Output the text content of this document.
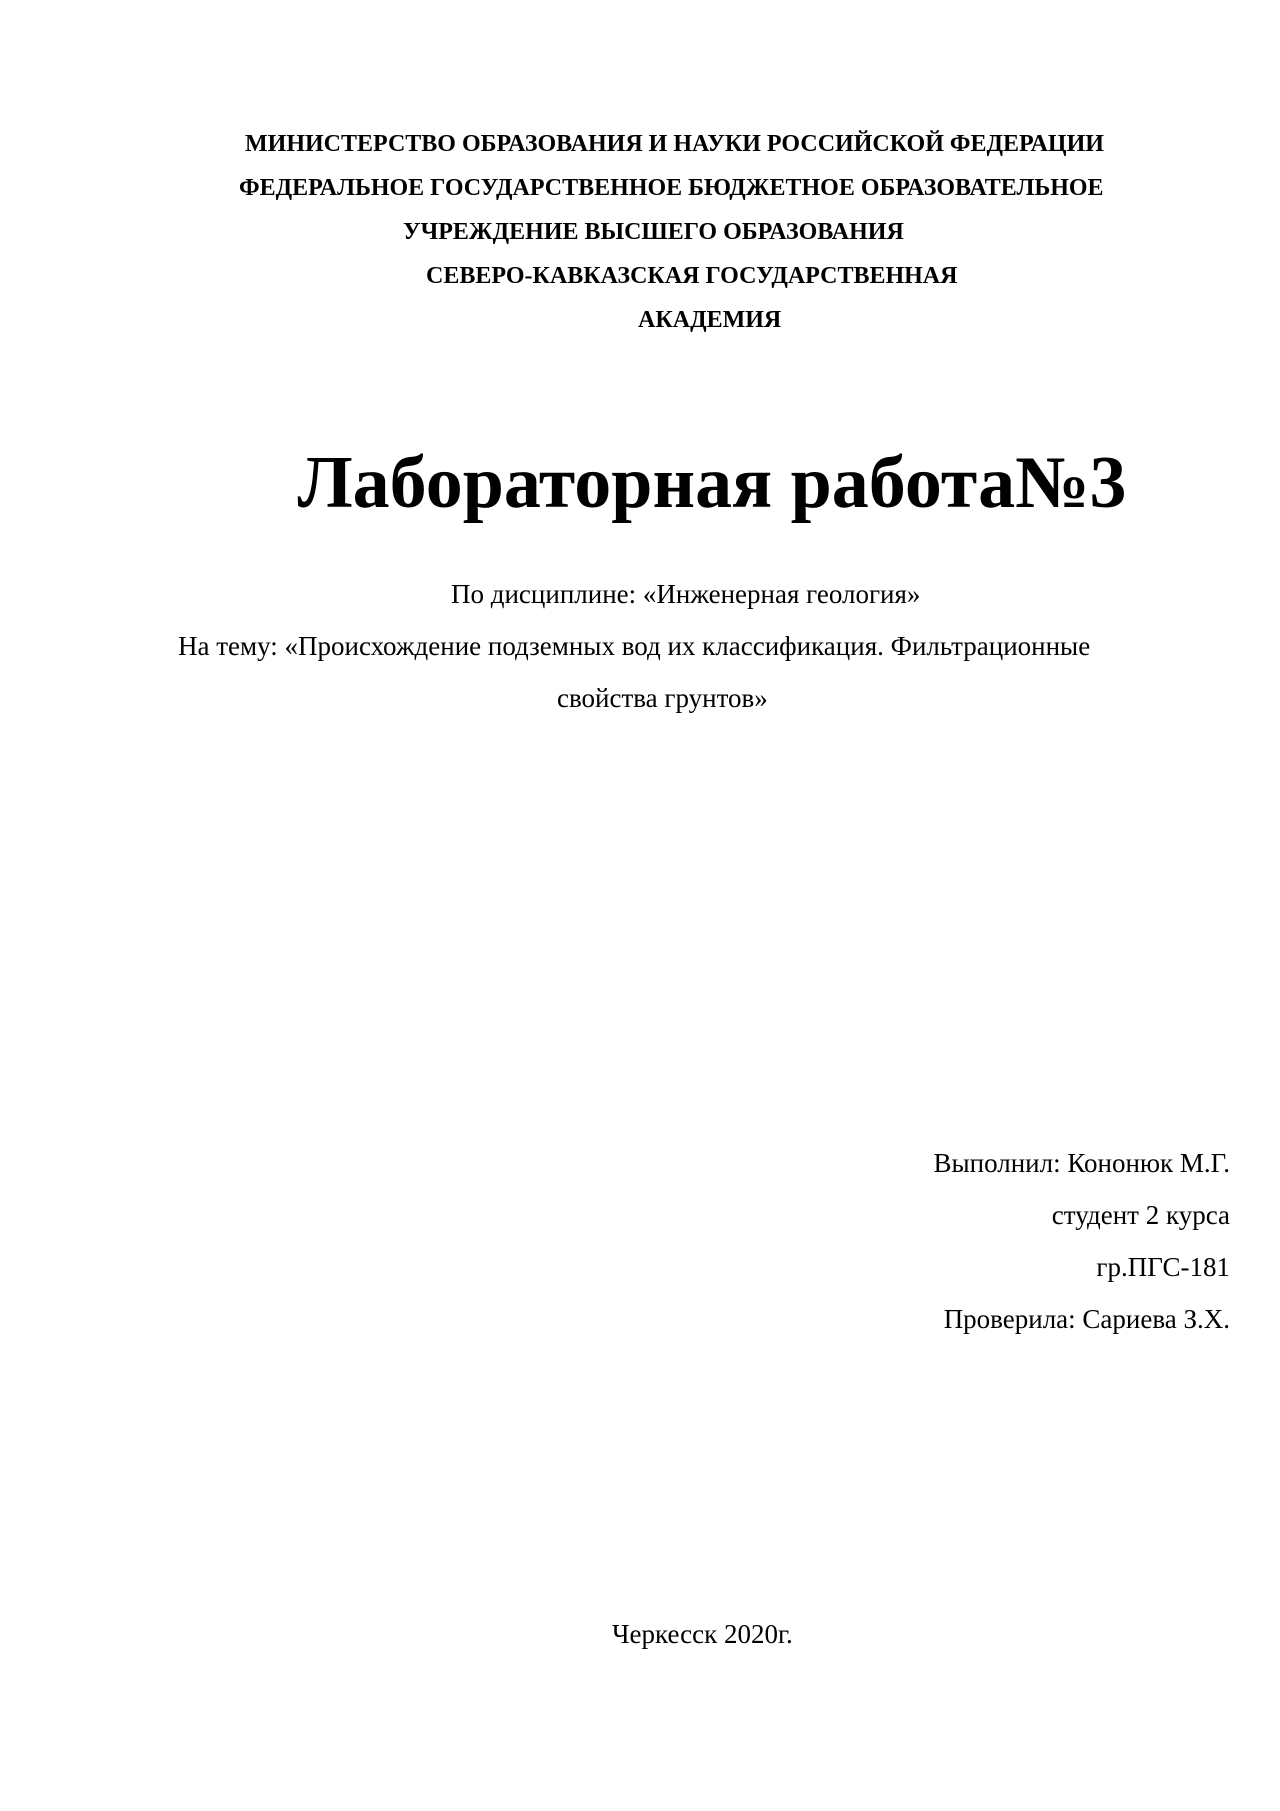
МИНИСТЕРСТВО ОБРАЗОВАНИЯ И НАУКИ РОССИЙСКОЙ ФЕДЕРАЦИИ
ФЕДЕРАЛЬНОЕ ГОСУДАРСТВЕННОЕ БЮДЖЕТНОЕ ОБРАЗОВАТЕЛЬНОЕ
УЧРЕЖДЕНИЕ ВЫСШЕГО ОБРАЗОВАНИЯ
СЕВЕРО-КАВКАЗСКАЯ ГОСУДАРСТВЕННАЯ
АКАДЕМИЯ
Лабораторная работа№3
По дисциплине: «Инженерная геология»
На тему: «Происхождение подземных вод их классификация. Фильтрационные
свойства грунтов»
Выполнил: Кононюк М.Г.
студент 2 курса
гр.ПГС-181
Проверила: Сариева З.Х.
Черкесск 2020г.
